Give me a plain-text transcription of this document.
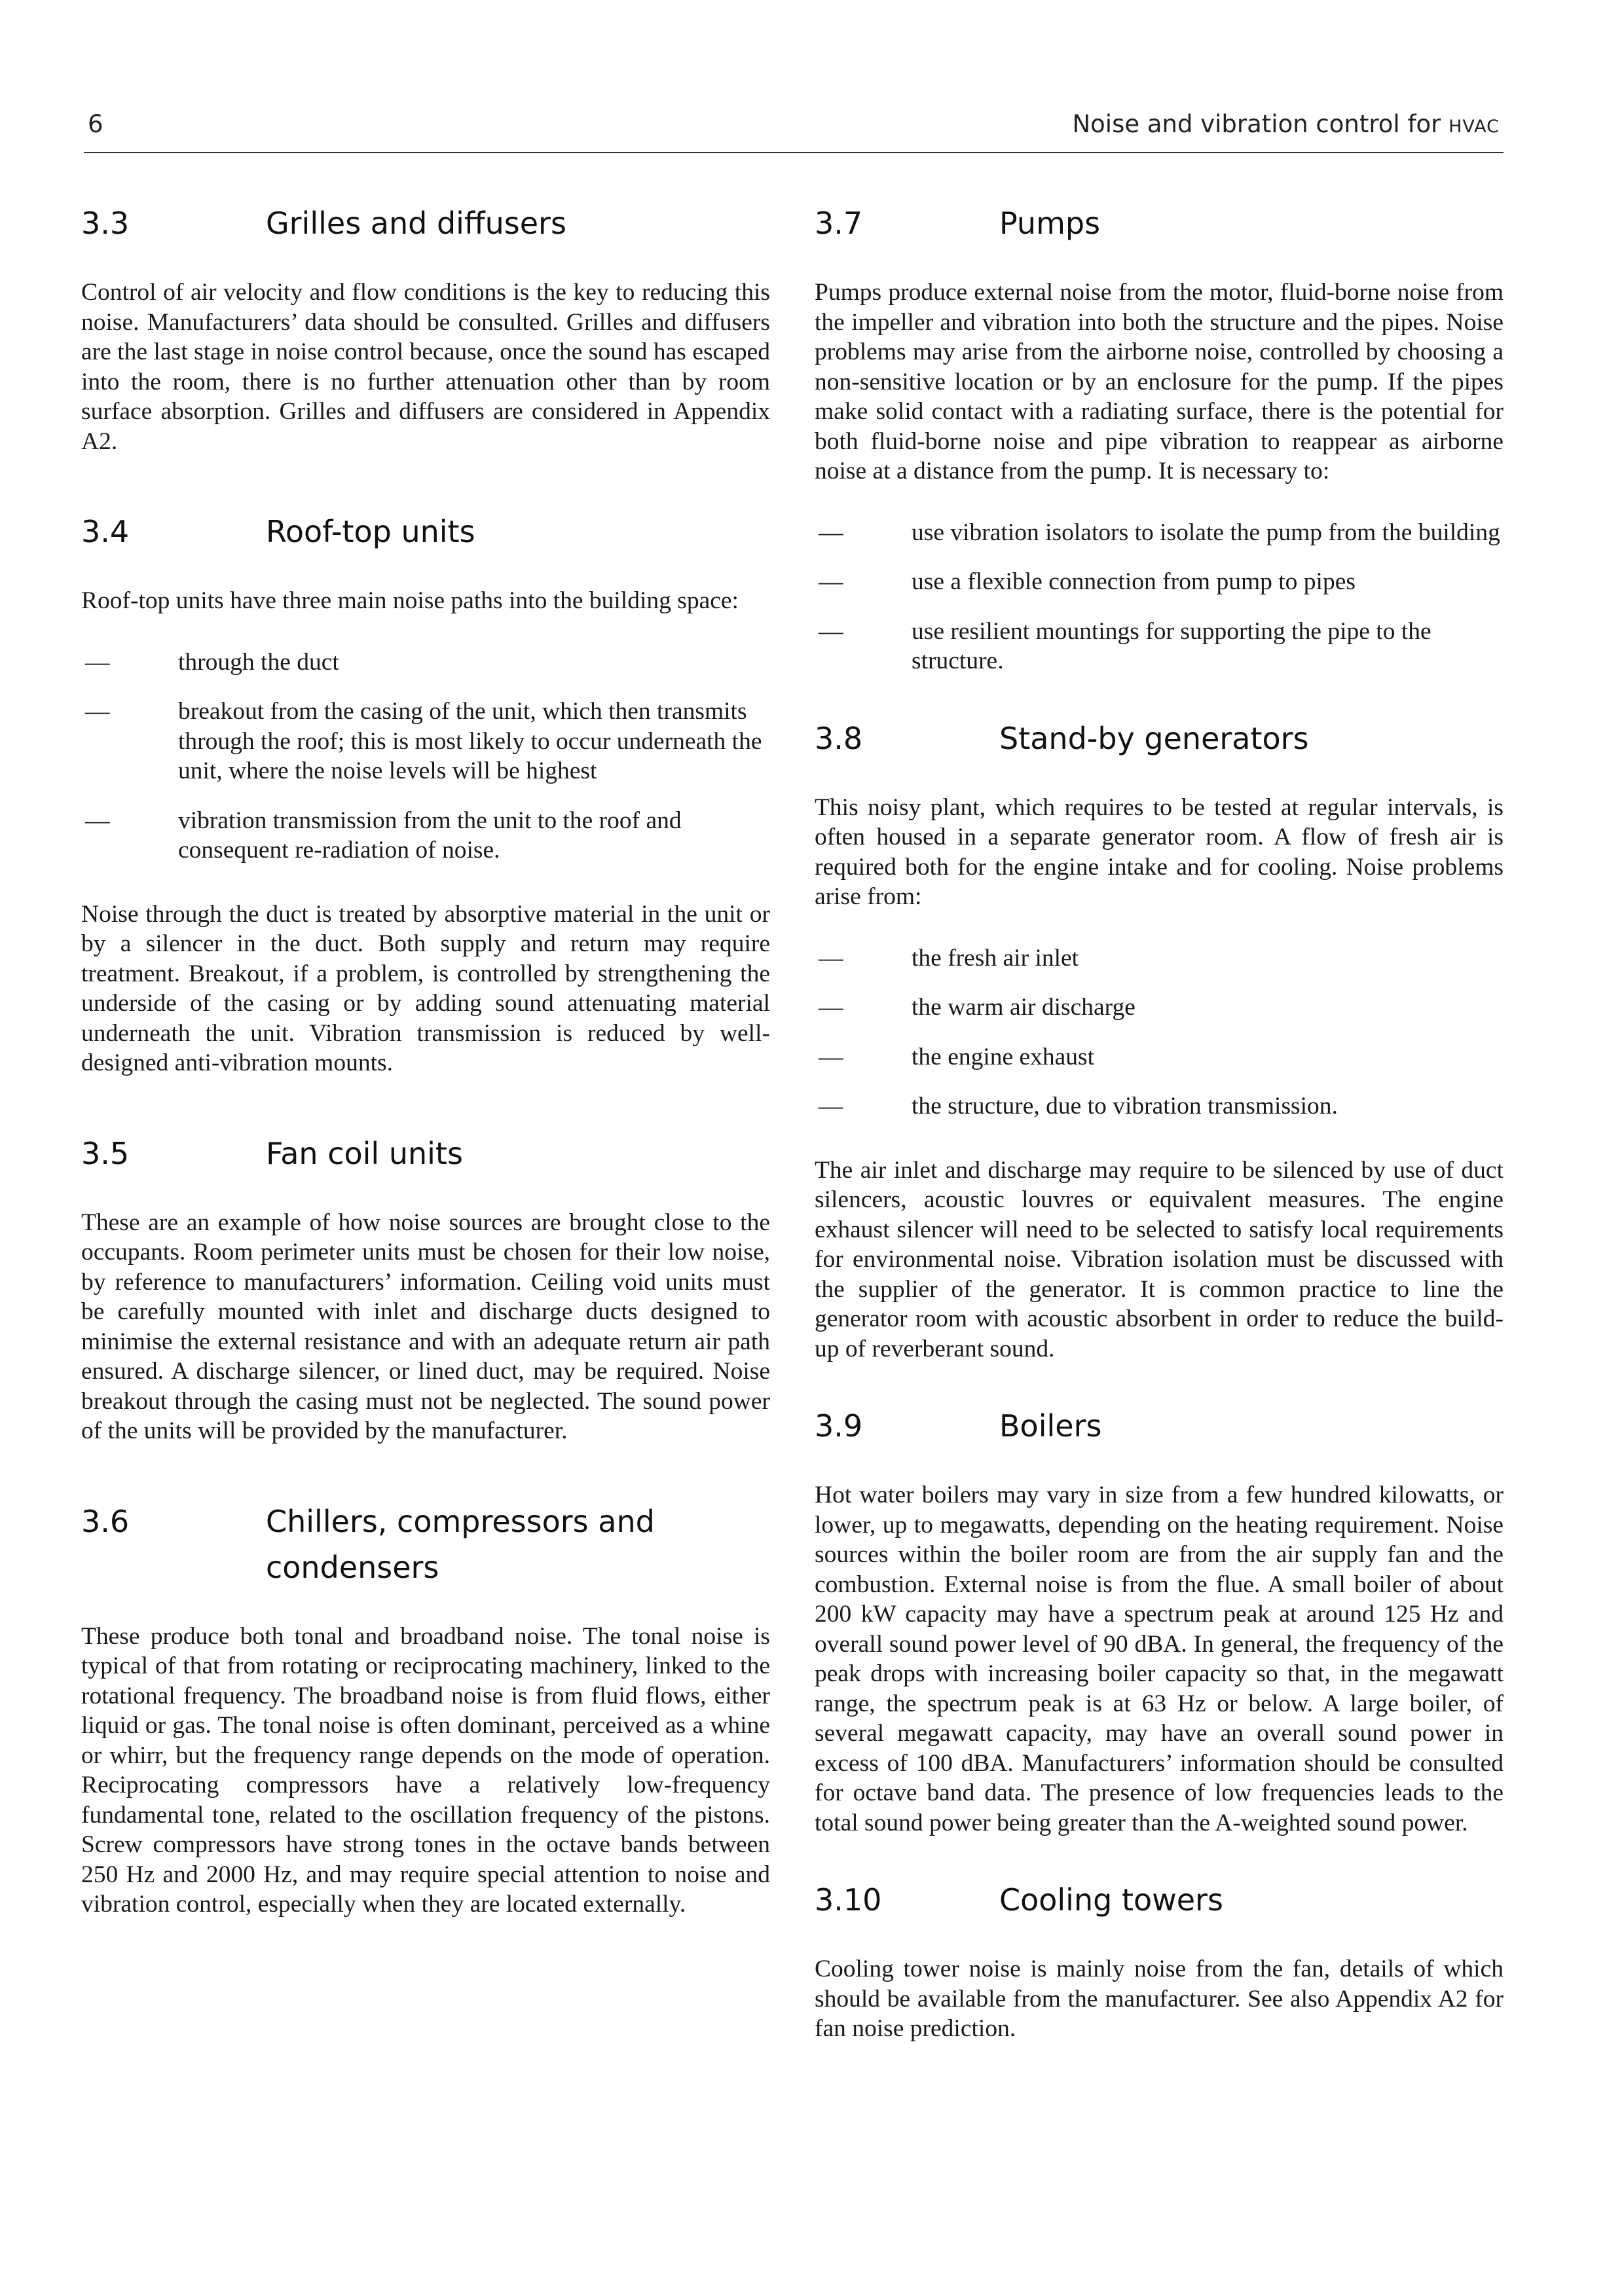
6	Noise and vibration control for HVAC
3.3	Grilles and diffusers

Control of air velocity and flow conditions is the key to reducing this noise. Manufacturers’ data should be consulted. Grilles and diffusers are the last stage in noise control because, once the sound has escaped into the room, there is no further attenuation other than by room surface absorption. Grilles and diffusers are considered in Appendix A2.

3.4	Roof-top units

Roof-top units have three main noise paths into the building space:

—	through the duct
—	breakout from the casing of the unit, which then transmits through the roof; this is most likely to occur underneath the unit, where the noise levels will be highest
—	vibration transmission from the unit to the roof and consequent re-radiation of noise.

Noise through the duct is treated by absorptive material in the unit or by a silencer in the duct. Both supply and return may require treatment. Breakout, if a problem, is controlled by strengthening the underside of the casing or by adding sound attenuating material underneath the unit. Vibration transmission is reduced by well-designed anti-vibration mounts.

3.5	Fan coil units

These are an example of how noise sources are brought close to the occupants. Room perimeter units must be chosen for their low noise, by reference to manufacturers’ information. Ceiling void units must be carefully mounted with inlet and discharge ducts designed to minimise the external resistance and with an adequate return air path ensured. A discharge silencer, or lined duct, may be required. Noise breakout through the casing must not be neglected. The sound power of the units will be provided by the manufacturer.

3.6	Chillers, compressors and condensers

These produce both tonal and broadband noise. The tonal noise is typical of that from rotating or reciprocating machinery, linked to the rotational frequency. The broadband noise is from fluid flows, either liquid or gas. The tonal noise is often dominant, perceived as a whine or whirr, but the frequency range depends on the mode of operation. Reciprocating compressors have a relatively low-frequency fundamental tone, related to the oscillation frequency of the pistons. Screw compressors have strong tones in the octave bands between 250 Hz and 2000 Hz, and may require special attention to noise and vibration control, especially when they are located externally.

3.7	Pumps

Pumps produce external noise from the motor, fluid-borne noise from the impeller and vibration into both the structure and the pipes. Noise problems may arise from the airborne noise, controlled by choosing a non-sensitive location or by an enclosure for the pump. If the pipes make solid contact with a radiating surface, there is the potential for both fluid-borne noise and pipe vibration to reappear as airborne noise at a distance from the pump. It is necessary to:

—	use vibration isolators to isolate the pump from the building
—	use a flexible connection from pump to pipes
—	use resilient mountings for supporting the pipe to the structure.
3.8	Stand-by generators

This noisy plant, which requires to be tested at regular intervals, is often housed in a separate generator room. A flow of fresh air is required both for the engine intake and for cooling. Noise problems arise from:

—	the fresh air inlet
—	the warm air discharge
—	the engine exhaust
—	the structure, due to vibration transmission.

The air inlet and discharge may require to be silenced by use of duct silencers, acoustic louvres or equivalent measures. The engine exhaust silencer will need to be selected to satisfy local requirements for environmental noise. Vibration isolation must be discussed with the supplier of the generator. It is common practice to line the generator room with acoustic absorbent in order to reduce the build-up of reverberant sound.

3.9	Boilers

Hot water boilers may vary in size from a few hundred kilowatts, or lower, up to megawatts, depending on the heating requirement. Noise sources within the boiler room are from the air supply fan and the combustion. External noise is from the flue. A small boiler of about 200 kW capacity may have a spectrum peak at around 125 Hz and overall sound power level of 90 dBA. In general, the frequency of the peak drops with increasing boiler capacity so that, in the megawatt range, the spectrum peak is at 63 Hz or below. A large boiler, of several megawatt capacity, may have an overall sound power in excess of 100 dBA. Manufacturers’ information should be consulted for octave band data. The presence of low frequencies leads to the total sound power being greater than the A-weighted sound power.

3.10	Cooling towers

Cooling tower noise is mainly noise from the fan, details of which should be available from the manufacturer. See also Appendix A2 for fan noise prediction.
